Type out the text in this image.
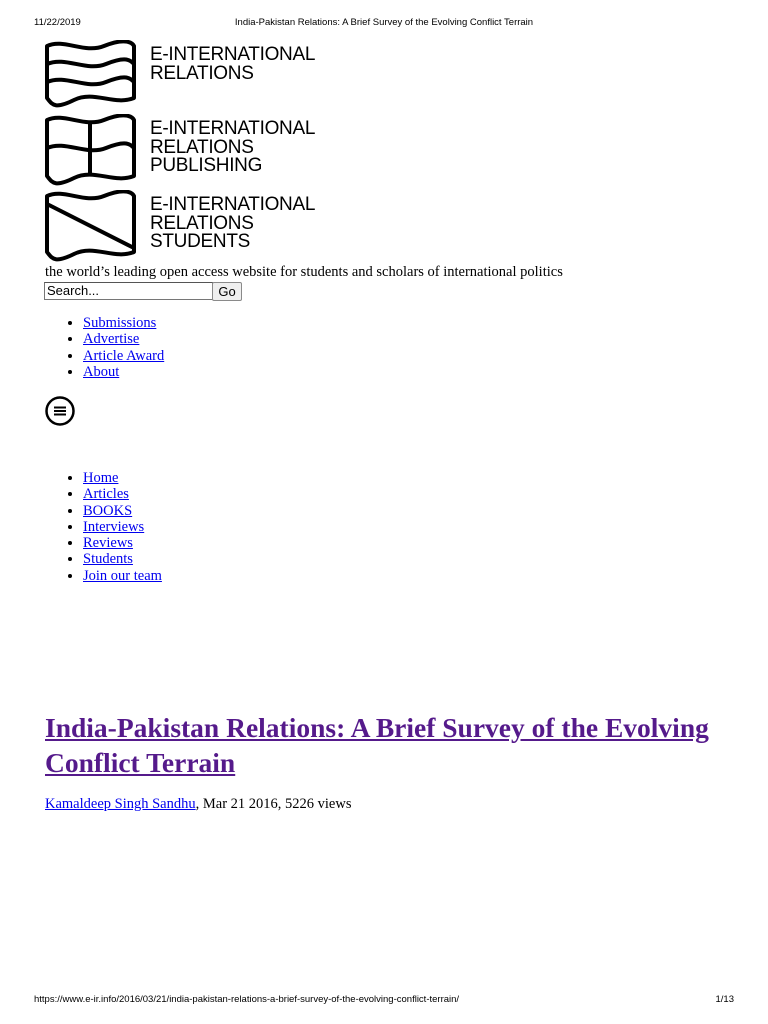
11/22/2019	India-Pakistan Relations: A Brief Survey of the Evolving Conflict Terrain
E-INTERNATIONAL
RELATIONS
E-INTERNATIONAL
RELATIONS
PUBLISHING
E-INTERNATIONAL
RELATIONS
STUDENTS
the world’s leading open access website for students and scholars of international politics
Search...
Go
• Submissions
• Advertise
• Article Award
• About
• Home
• Articles
• BOOKS
• Interviews
• Reviews
• Students
• Join our team
India-Pakistan Relations: A Brief Survey of the Evolving Conflict Terrain
Kamaldeep Singh Sandhu, Mar 21 2016, 5226 views
https://www.e-ir.info/2016/03/21/india-pakistan-relations-a-brief-survey-of-the-evolving-conflict-terrain/	1/13
